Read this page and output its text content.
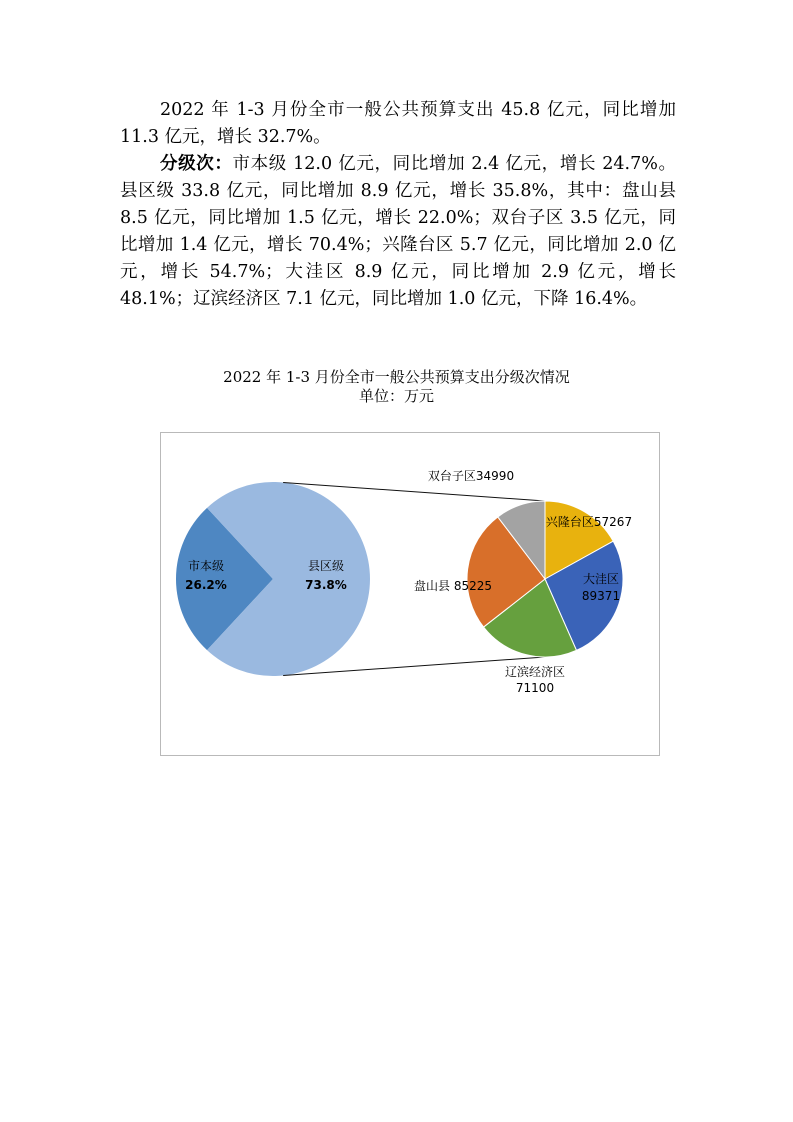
2022 年 1-3 月份全市一般公共预算支出 45.8 亿元，同比增加 11.3 亿元，增长 32.7%。

分级次：市本级 12.0 亿元，同比增加 2.4 亿元，增长 24.7%。县区级 33.8 亿元，同比增加 8.9 亿元，增长 35.8%，其中：盘山县 8.5 亿元，同比增加 1.5 亿元，增长 22.0%；双台子区 3.5 亿元，同比增加 1.4 亿元，增长 70.4%；兴隆台区 5.7 亿元，同比增加 2.0 亿元，增长 54.7%；大洼区 8.9 亿元，同比增加 2.9 亿元，增长 48.1%；辽滨经济区 7.1 亿元，同比增加 1.0 亿元，下降 16.4%。

2022 年 1-3 月份全市一般公共预算支出分级次情况

单位：万元

市本级
26.2%
县区级
73.8%
双台子区34990
兴隆台区57267
大洼区
89371
盘山县 85225
辽滨经济区
71100
